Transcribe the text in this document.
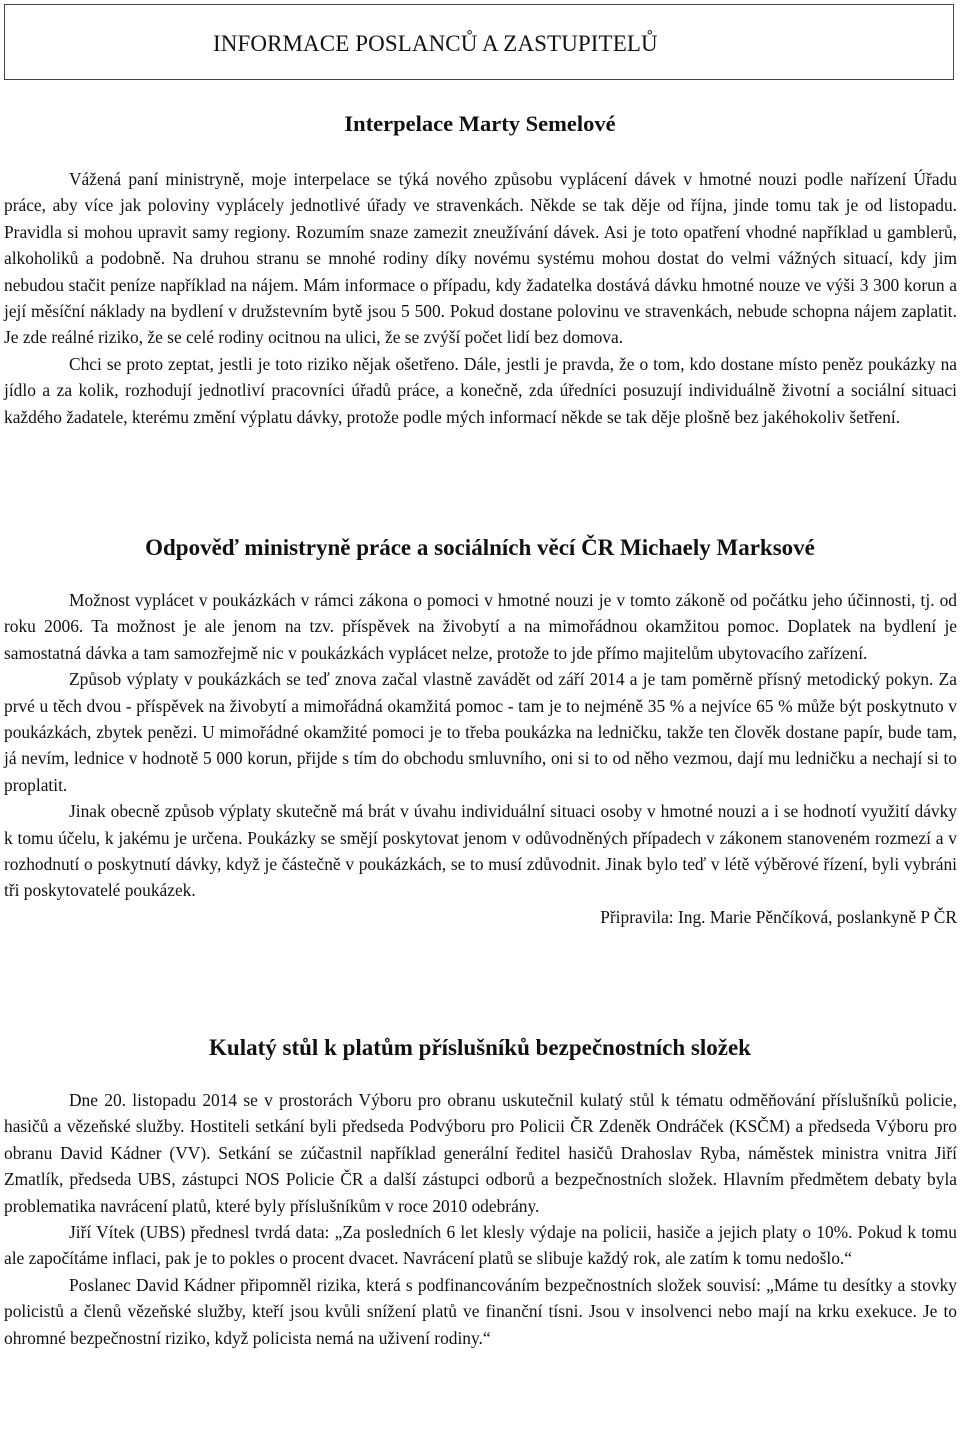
INFORMACE POSLANCŮ A ZASTUPITELŮ
Interpelace Marty Semelové

Vážená paní ministryně, moje interpelace se týká nového způsobu vyplácení dávek v hmotné nouzi podle nařízení Úřadu práce, aby více jak poloviny vyplácely jednotlivé úřady ve stravenkách. Někde se tak děje od října, jinde tomu tak je od listopadu. Pravidla si mohou upravit samy regiony. Rozumím snaze zamezit zneužívání dávek. Asi je toto opatření vhodné například u gamblerů, alkoholiků a podobně. Na druhou stranu se mnohé rodiny díky novému systému mohou dostat do velmi vážných situací, kdy jim nebudou stačit peníze například na nájem. Mám informace o případu, kdy žadatelka dostává dávku hmotné nouze ve výši 3 300 korun a její měsíční náklady na bydlení v družstevním bytě jsou 5 500. Pokud dostane polovinu ve stravenkách, nebude schopna nájem zaplatit. Je zde reálné riziko, že se celé rodiny ocitnou na ulici, že se zvýší počet lidí bez domova.

Chci se proto zeptat, jestli je toto riziko nějak ošetřeno. Dále, jestli je pravda, že o tom, kdo dostane místo peněz poukázky na jídlo a za kolik, rozhodují jednotliví pracovníci úřadů práce, a konečně, zda úředníci posuzují individuálně životní a sociální situaci každého žadatele, kterému změní výplatu dávky, protože podle mých informací někde se tak děje plošně bez jakéhokoliv šetření.

Odpověď ministryně práce a sociálních věcí ČR Michaely Marksové

Možnost vyplácet v poukázkách v rámci zákona o pomoci v hmotné nouzi je v tomto zákoně od počátku jeho účinnosti, tj. od roku 2006. Ta možnost je ale jenom na tzv. příspěvek na živobytí a na mimořádnou okamžitou pomoc. Doplatek na bydlení je samostatná dávka a tam samozřejmě nic v poukázkách vyplácet nelze, protože to jde přímo majitelům ubytovacího zařízení.

Způsob výplaty v poukázkách se teď znova začal vlastně zavádět od září 2014 a je tam poměrně přísný metodický pokyn. Za prvé u těch dvou - příspěvek na živobytí a mimořádná okamžitá pomoc - tam je to nejméně 35 % a nejvíce 65 % může být poskytnuto v poukázkách, zbytek penězi. U mimořádné okamžité pomoci je to třeba poukázka na ledničku, takže ten člověk dostane papír, bude tam, já nevím, lednice v hodnotě 5 000 korun, přijde s tím do obchodu smluvního, oni si to od něho vezmou, dají mu ledničku a nechají si to proplatit.

Jinak obecně způsob výplaty skutečně má brát v úvahu individuální situaci osoby v hmotné nouzi a i se hodnotí využití dávky k tomu účelu, k jakému je určena. Poukázky se smějí poskytovat jenom v odůvodněných případech v zákonem stanoveném rozmezí a v rozhodnutí o poskytnutí dávky, když je částečně v poukázkách, se to musí zdůvodnit. Jinak bylo teď v létě výběrové řízení, byli vybráni tři poskytovatelé poukázek.

Připravila: Ing. Marie Pěnčíková, poslankyně P ČR

Kulatý stůl k platům příslušníků bezpečnostních složek

Dne 20. listopadu 2014 se v prostorách Výboru pro obranu uskutečnil kulatý stůl k tématu odměňování příslušníků policie, hasičů a vězeňské služby. Hostiteli setkání byli předseda Podvýboru pro Policii ČR Zdeněk Ondráček (KSČM) a předseda Výboru pro obranu David Kádner (VV). Setkání se zúčastnil například generální ředitel hasičů Drahoslav Ryba, náměstek ministra vnitra Jiří Zmatlík, předseda UBS, zástupci NOS Policie ČR a další zástupci odborů a bezpečnostních složek. Hlavním předmětem debaty byla problematika navrácení platů, které byly příslušníkům v roce 2010 odebrány.

Jiří Vítek (UBS) přednesl tvrdá data: „Za posledních 6 let klesly výdaje na policii, hasiče a jejich platy o 10%. Pokud k tomu ale započítáme inflaci, pak je to pokles o procent dvacet. Navrácení platů se slibuje každý rok, ale zatím k tomu nedošlo.“

Poslanec David Kádner připomněl rizika, která s podfinancováním bezpečnostních složek souvisí: „Máme tu desítky a stovky policistů a členů vězeňské služby, kteří jsou kvůli snížení platů ve finanční tísni. Jsou v insolvenci nebo mají na krku exekuce. Je to ohromné bezpečnostní riziko, když policista nemá na uživení rodiny.“
